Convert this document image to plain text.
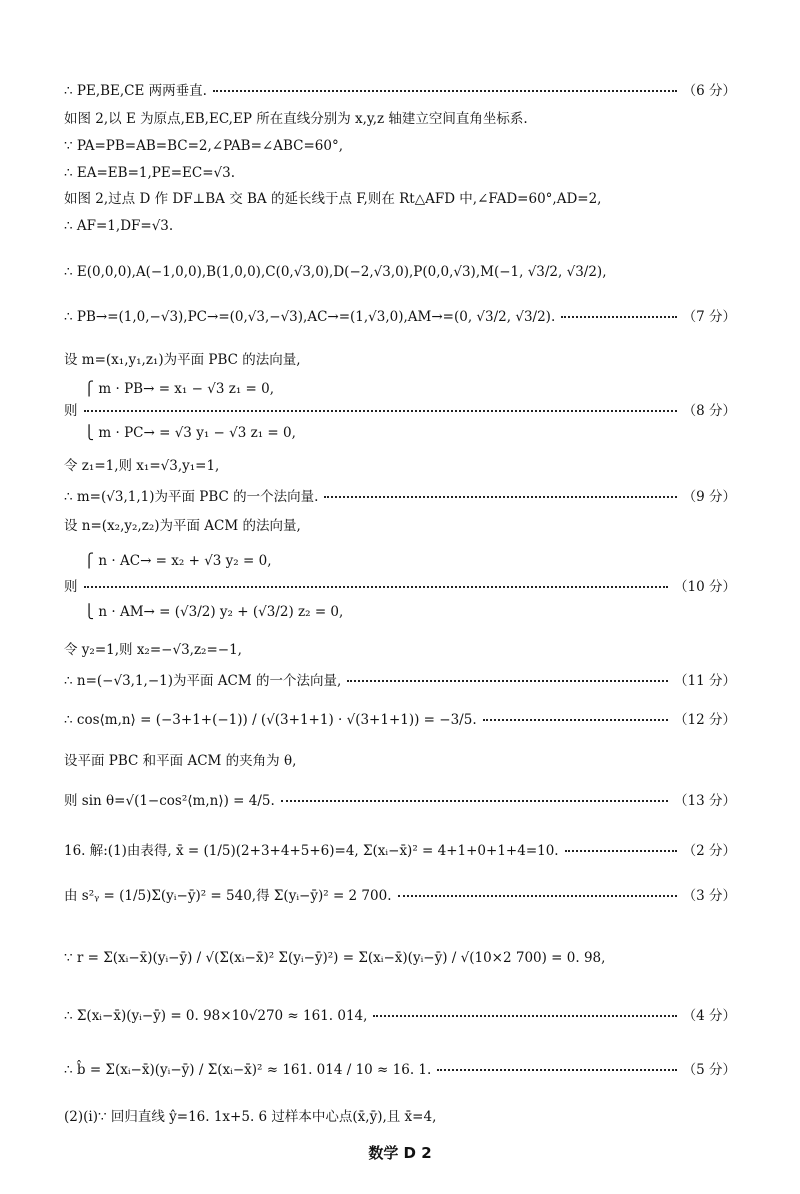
∴ PE,BE,CE 两两垂直.	（6 分）
如图 2,以 E 为原点,EB,EC,EP 所在直线分别为 x,y,z 轴建立空间直角坐标系.
∵ PA=PB=AB=BC=2,∠PAB=∠ABC=60°,
∴ EA=EB=1,PE=EC=√3.
如图 2,过点 D 作 DF⊥BA 交 BA 的延长线于点 F,则在 Rt△AFD 中,∠FAD=60°,AD=2,
∴ AF=1,DF=√3.
∴ E(0,0,0),A(−1,0,0),B(1,0,0),C(0,√3,0),D(−2,√3,0),P(0,0,√3),M(−1, √3/2, √3/2),
∴ PB→=(1,0,−√3),PC→=(0,√3,−√3),AC→=(1,√3,0),AM→=(0, √3/2, √3/2).	（7 分）
设 m=(x₁,y₁,z₁)为平面 PBC 的法向量,
⎧ m · PB→ = x₁ − √3 z₁ = 0,
则	（8 分）
⎩ m · PC→ = √3 y₁ − √3 z₁ = 0,
令 z₁=1,则 x₁=√3,y₁=1,
∴ m=(√3,1,1)为平面 PBC 的一个法向量.	（9 分）
设 n=(x₂,y₂,z₂)为平面 ACM 的法向量,
⎧ n · AC→ = x₂ + √3 y₂ = 0,
则	（10 分）
⎩ n · AM→ = (√3/2) y₂ + (√3/2) z₂ = 0,
令 y₂=1,则 x₂=−√3,z₂=−1,
∴ n=(−√3,1,−1)为平面 ACM 的一个法向量,	（11 分）
∴ cos⟨m,n⟩ = (−3+1+(−1)) / (√(3+1+1) · √(3+1+1)) = −3/5.	（12 分）
设平面 PBC 和平面 ACM 的夹角为 θ,
则 sin θ=√(1−cos²⟨m,n⟩) = 4/5.	（13 分）
16. 解:(1)由表得, x̄ = (1/5)(2+3+4+5+6)=4, Σ(xᵢ−x̄)² = 4+1+0+1+4=10.	（2 分）
由 s²ᵧ = (1/5)Σ(yᵢ−ȳ)² = 540,得 Σ(yᵢ−ȳ)² = 2 700.	（3 分）
∵ r = Σ(xᵢ−x̄)(yᵢ−ȳ) / √(Σ(xᵢ−x̄)² Σ(yᵢ−ȳ)²) = Σ(xᵢ−x̄)(yᵢ−ȳ) / √(10×2 700) = 0. 98,
∴ Σ(xᵢ−x̄)(yᵢ−ȳ) = 0. 98×10√270 ≈ 161. 014,	（4 分）
∴ b̂ = Σ(xᵢ−x̄)(yᵢ−ȳ) / Σ(xᵢ−x̄)² ≈ 161. 014 / 10 ≈ 16. 1.	（5 分）
(2)(ⅰ)∵ 回归直线 ŷ=16. 1x+5. 6 过样本中心点(x̄,ȳ),且 x̄=4,
数学 D 2
